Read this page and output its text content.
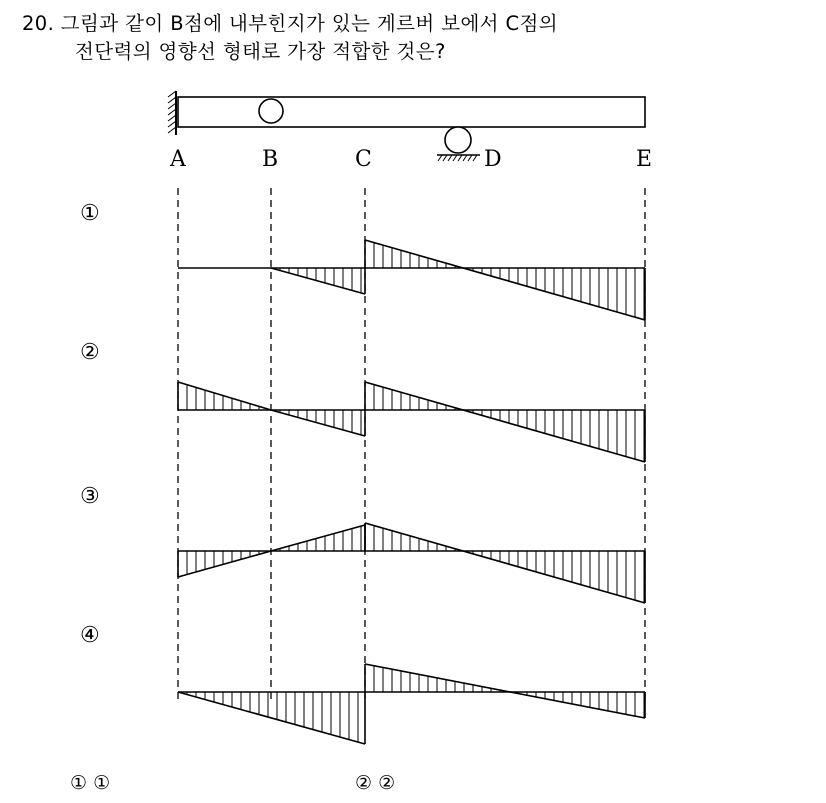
20. 그림과 같이 B점에 내부힌지가 있는 게르버 보에서 C점의
전단력의 영향선 형태로 가장 적합한 것은?
A	B	C	D	E
①
②
③
④
① ①	② ②
